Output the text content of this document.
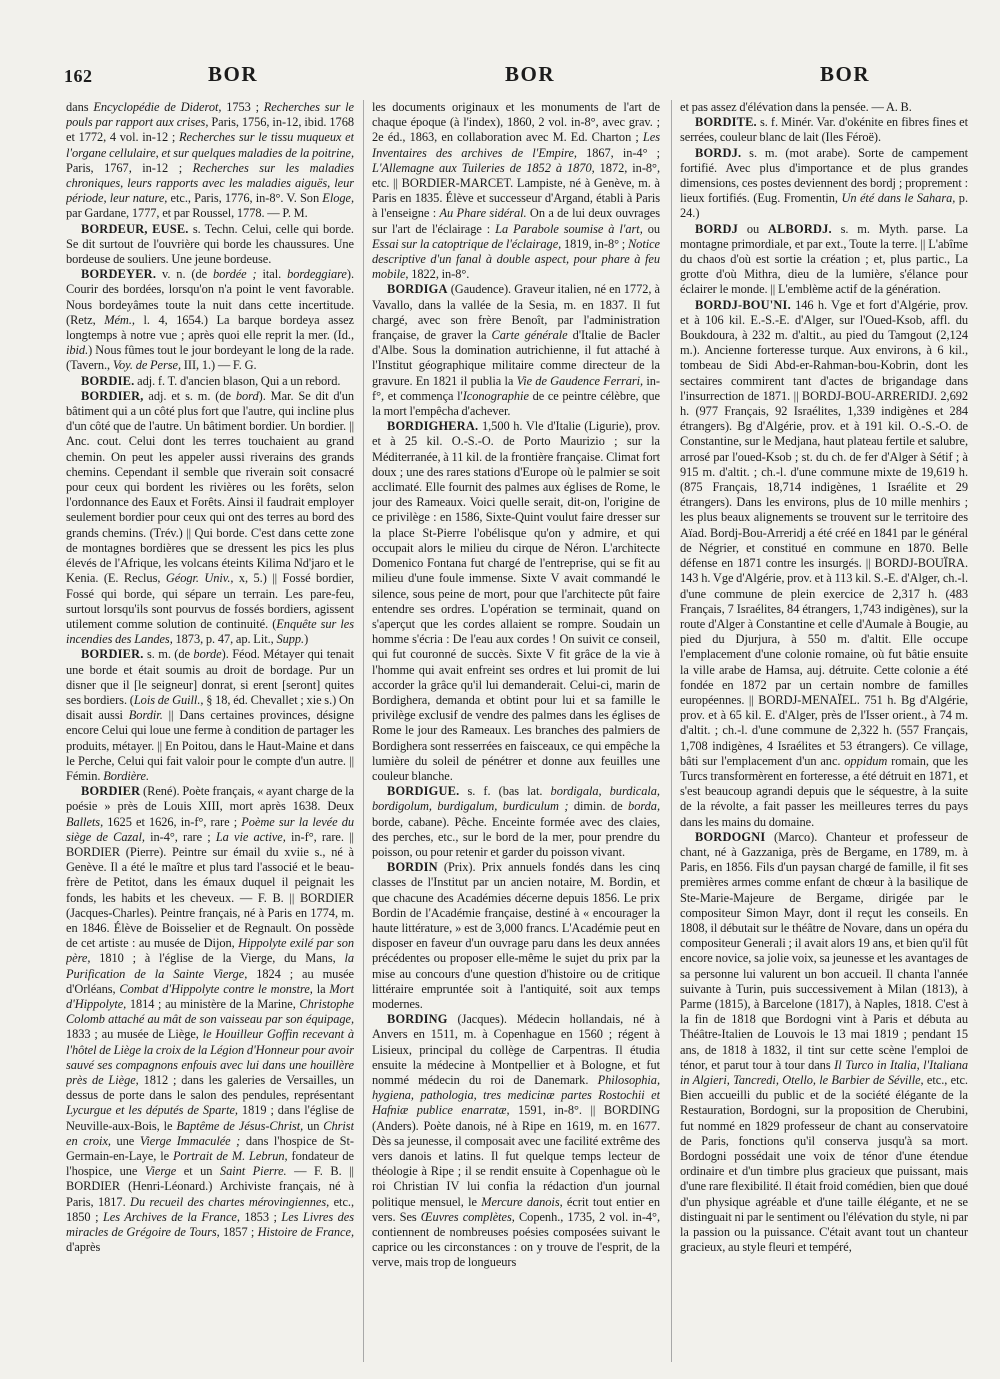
162	BOR	BOR	BOR

dans Encyclopédie de Diderot, 1753 ; Recherches sur le pouls par rapport aux crises, Paris, 1756, in-12, ibid. 1768 et 1772, 4 vol. in-12 ; Recherches sur le tissu muqueux et l'organe cellulaire, et sur quelques maladies de la poitrine, Paris, 1767, in-12 ; Recherches sur les maladies chroniques, leurs rapports avec les maladies aiguës, leur période, leur nature, etc., Paris, 1776, in-8°. V. Son Eloge, par Gardane, 1777, et par Roussel, 1778. — P. M.

BORDEUR, EUSE. s. Techn. Celui, celle qui borde. Se dit surtout de l'ouvrière qui borde les chaussures. Une bordeuse de souliers. Une jeune bordeuse.

BORDEYER. v. n. (de bordée ; ital. bordeggiare). Courir des bordées, lorsqu'on n'a point le vent favorable. Nous bordeyâmes toute la nuit dans cette incertitude. (Retz, Mém., l. 4, 1654.) La barque bordeya assez longtemps à notre vue ; après quoi elle reprit la mer. (Id., ibid.) Nous fûmes tout le jour bordeyant le long de la rade. (Tavern., Voy. de Perse, III, 1.) — F. G.

BORDIE. adj. f. T. d'ancien blason, Qui a un rebord.

BORDIER, adj. et s. m. (de bord). Mar. Se dit d'un bâtiment qui a un côté plus fort que l'autre, qui incline plus d'un côté que de l'autre. Un bâtiment bordier. Un bordier. || Anc. cout. Celui dont les terres touchaient au grand chemin. On peut les appeler aussi riverains des grands chemins. Cependant il semble que riverain soit consacré pour ceux qui bordent les rivières ou les forêts, selon l'ordonnance des Eaux et Forêts. Ainsi il faudrait employer seulement bordier pour ceux qui ont des terres au bord des grands chemins. (Trév.) || Qui borde. C'est dans cette zone de montagnes bordières que se dressent les pics les plus élevés de l'Afrique, les volcans éteints Kilima Nd'jaro et le Kenia. (E. Reclus, Géogr. Univ., x, 5.) || Fossé bordier, Fossé qui borde, qui sépare un terrain. Les pare-feu, surtout lorsqu'ils sont pourvus de fossés bordiers, agissent utilement comme solution de continuité. (Enquête sur les incendies des Landes, 1873, p. 47, ap. Lit., Supp.)

BORDIER. s. m. (de borde). Féod. Métayer qui tenait une borde et était soumis au droit de bordage. Pur un disner que il [le seigneur] donrat, si erent [seront] quites ses bordiers. (Lois de Guill., § 18, éd. Chevallet ; xie s.) On disait aussi Bordir. || Dans certaines provinces, désigne encore Celui qui loue une ferme à condition de partager les produits, métayer. || En Poitou, dans le Haut-Maine et dans le Perche, Celui qui fait valoir pour le compte d'un autre. || Fémin. Bordière.

BORDIER (René). Poète français, « ayant charge de la poésie » près de Louis XIII, mort après 1638. Deux Ballets, 1625 et 1626, in-f°, rare ; Poème sur la levée du siège de Cazal, in-4°, rare ; La vie active, in-f°, rare. || BORDIER (Pierre). Peintre sur émail du xviie s., né à Genève. Il a été le maître et plus tard l'associé et le beau-frère de Petitot, dans les émaux duquel il peignait les fonds, les habits et les cheveux. — F. B. || BORDIER (Jacques-Charles). Peintre français, né à Paris en 1774, m. en 1846. Élève de Boisselier et de Regnault. On possède de cet artiste : au musée de Dijon, Hippolyte exilé par son père, 1810 ; à l'église de la Vierge, du Mans, la Purification de la Sainte Vierge, 1824 ; au musée d'Orléans, Combat d'Hippolyte contre le monstre, la Mort d'Hippolyte, 1814 ; au ministère de la Marine, Christophe Colomb attaché au mât de son vaisseau par son équipage, 1833 ; au musée de Liège, le Houilleur Goffin recevant à l'hôtel de Liège la croix de la Légion d'Honneur pour avoir sauvé ses compagnons enfouis avec lui dans une houillère près de Liège, 1812 ; dans les galeries de Versailles, un dessus de porte dans le salon des pendules, représentant Lycurgue et les députés de Sparte, 1819 ; dans l'église de Neuville-aux-Bois, le Baptême de Jésus-Christ, un Christ en croix, une Vierge Immaculée ; dans l'hospice de St-Germain-en-Laye, le Portrait de M. Lebrun, fondateur de l'hospice, une Vierge et un Saint Pierre. — F. B. || BORDIER (Henri-Léonard.) Archiviste français, né à Paris, 1817. Du recueil des chartes mérovingiennes, etc., 1850 ; Les Archives de la France, 1853 ; Les Livres des miracles de Grégoire de Tours, 1857 ; Histoire de France, d'après

les documents originaux et les monuments de l'art de chaque époque (à l'index), 1860, 2 vol. in-8°, avec grav. ; 2e éd., 1863, en collaboration avec M. Ed. Charton ; Les Inventaires des archives de l'Empire, 1867, in-4° ; L'Allemagne aux Tuileries de 1852 à 1870, 1872, in-8°, etc. || BORDIER-MARCET. Lampiste, né à Genève, m. à Paris en 1835. Élève et successeur d'Argand, établi à Paris à l'enseigne : Au Phare sidéral. On a de lui deux ouvrages sur l'art de l'éclairage : La Parabole soumise à l'art, ou Essai sur la catoptrique de l'éclairage, 1819, in-8° ; Notice descriptive d'un fanal à double aspect, pour phare à feu mobile, 1822, in-8°.

BORDIGA (Gaudence). Graveur italien, né en 1772, à Vavallo, dans la vallée de la Sesia, m. en 1837. Il fut chargé, avec son frère Benoît, par l'administration française, de graver la Carte générale d'Italie de Bacler d'Albe. Sous la domination autrichienne, il fut attaché à l'Institut géographique militaire comme directeur de la gravure. En 1821 il publia la Vie de Gaudence Ferrari, in-f°, et commença l'Iconographie de ce peintre célèbre, que la mort l'empêcha d'achever.

BORDIGHERA. 1,500 h. Vle d'Italie (Ligurie), prov. et à 25 kil. O.-S.-O. de Porto Maurizio ; sur la Méditerranée, à 11 kil. de la frontière française. Climat fort doux ; une des rares stations d'Europe où le palmier se soit acclimaté. Elle fournit des palmes aux églises de Rome, le jour des Rameaux. Voici quelle serait, dit-on, l'origine de ce privilège : en 1586, Sixte-Quint voulut faire dresser sur la place St-Pierre l'obélisque qu'on y admire, et qui occupait alors le milieu du cirque de Néron. L'architecte Domenico Fontana fut chargé de l'entreprise, qui se fit au milieu d'une foule immense. Sixte V avait commandé le silence, sous peine de mort, pour que l'architecte pût faire entendre ses ordres. L'opération se terminait, quand on s'aperçut que les cordes allaient se rompre. Soudain un homme s'écria : De l'eau aux cordes ! On suivit ce conseil, qui fut couronné de succès. Sixte V fit grâce de la vie à l'homme qui avait enfreint ses ordres et lui promit de lui accorder la grâce qu'il lui demanderait. Celui-ci, marin de Bordighera, demanda et obtint pour lui et sa famille le privilège exclusif de vendre des palmes dans les églises de Rome le jour des Rameaux. Les branches des palmiers de Bordighera sont resserrées en faisceaux, ce qui empêche la lumière du soleil de pénétrer et donne aux feuilles une couleur blanche.

BORDIGUE. s. f. (bas lat. bordigala, burdicala, bordigolum, burdigalum, burdiculum ; dimin. de borda, borde, cabane). Pêche. Enceinte formée avec des claies, des perches, etc., sur le bord de la mer, pour prendre du poisson, ou pour retenir et garder du poisson vivant.

BORDIN (Prix). Prix annuels fondés dans les cinq classes de l'Institut par un ancien notaire, M. Bordin, et que chacune des Académies décerne depuis 1856. Le prix Bordin de l'Académie française, destiné à « encourager la haute littérature, » est de 3,000 francs. L'Académie peut en disposer en faveur d'un ouvrage paru dans les deux années précédentes ou proposer elle-même le sujet du prix par la mise au concours d'une question d'histoire ou de critique littéraire empruntée soit à l'antiquité, soit aux temps modernes.

BORDING (Jacques). Médecin hollandais, né à Anvers en 1511, m. à Copenhague en 1560 ; régent à Lisieux, principal du collège de Carpentras. Il étudia ensuite la médecine à Montpellier et à Bologne, et fut nommé médecin du roi de Danemark. Philosophia, hygiena, pathologia, tres medicinæ partes Rostochii et Hafniæ publice enarratæ, 1591, in-8°. || BORDING (Anders). Poète danois, né à Ripe en 1619, m. en 1677. Dès sa jeunesse, il composait avec une facilité extrême des vers danois et latins. Il fut quelque temps lecteur de théologie à Ripe ; il se rendit ensuite à Copenhague où le roi Christian IV lui confia la rédaction d'un journal politique mensuel, le Mercure danois, écrit tout entier en vers. Ses Œuvres complètes, Copenh., 1735, 2 vol. in-4°, contiennent de nombreuses poésies composées suivant le caprice ou les circonstances : on y trouve de l'esprit, de la verve, mais trop de longueurs

et pas assez d'élévation dans la pensée. — A. B.

BORDITE. s. f. Minér. Var. d'okénite en fibres fines et serrées, couleur blanc de lait (Iles Féroë).

BORDJ. s. m. (mot arabe). Sorte de campement fortifié. Avec plus d'importance et de plus grandes dimensions, ces postes deviennent des bordj ; proprement : lieux fortifiés. (Eug. Fromentin, Un été dans le Sahara, p. 24.)

BORDJ ou ALBORDJ. s. m. Myth. parse. La montagne primordiale, et par ext., Toute la terre. || L'abîme du chaos d'où est sortie la création ; et, plus partic., La grotte d'où Mithra, dieu de la lumière, s'élance pour éclairer le monde. || L'emblème actif de la génération.

BORDJ-BOU'NI. 146 h. Vge et fort d'Algérie, prov. et à 106 kil. E.-S.-E. d'Alger, sur l'Oued-Ksob, affl. du Boukdoura, à 232 m. d'altit., au pied du Tamgout (2,124 m.). Ancienne forteresse turque. Aux environs, à 6 kil., tombeau de Sidi Abd-er-Rahman-bou-Kobrin, dont les sectaires commirent tant d'actes de brigandage dans l'insurrection de 1871. || BORDJ-BOU-ARRERIDJ. 2,692 h. (977 Français, 92 Israélites, 1,339 indigènes et 284 étrangers). Bg d'Algérie, prov. et à 191 kil. O.-S.-O. de Constantine, sur le Medjana, haut plateau fertile et salubre, arrosé par l'oued-Ksob ; st. du ch. de fer d'Alger à Sétif ; à 915 m. d'altit. ; ch.-l. d'une commune mixte de 19,619 h. (875 Français, 18,714 indigènes, 1 Israélite et 29 étrangers). Dans les environs, plus de 10 mille menhirs ; les plus beaux alignements se trouvent sur le territoire des Aïad. Bordj-Bou-Arreridj a été créé en 1841 par le général de Négrier, et constitué en commune en 1870. Belle défense en 1871 contre les insurgés. || BORDJ-BOUÏRA. 143 h. Vge d'Algérie, prov. et à 113 kil. S.-E. d'Alger, ch.-l. d'une commune de plein exercice de 2,317 h. (483 Français, 7 Israélites, 84 étrangers, 1,743 indigènes), sur la route d'Alger à Constantine et celle d'Aumale à Bougie, au pied du Djurjura, à 550 m. d'altit. Elle occupe l'emplacement d'une colonie romaine, où fut bâtie ensuite la ville arabe de Hamsa, auj. détruite. Cette colonie a été fondée en 1872 par un certain nombre de familles européennes. || BORDJ-MENAÏEL. 751 h. Bg d'Algérie, prov. et à 65 kil. E. d'Alger, près de l'Isser orient., à 74 m. d'altit. ; ch.-l. d'une commune de 2,322 h. (557 Français, 1,708 indigènes, 4 Israélites et 53 étrangers). Ce village, bâti sur l'emplacement d'un anc. oppidum romain, que les Turcs transformèrent en forteresse, a été détruit en 1871, et s'est beaucoup agrandi depuis que le séquestre, à la suite de la révolte, a fait passer les meilleures terres du pays dans les mains du domaine.

BORDOGNI (Marco). Chanteur et professeur de chant, né à Gazzaniga, près de Bergame, en 1789, m. à Paris, en 1856. Fils d'un paysan chargé de famille, il fit ses premières armes comme enfant de chœur à la basilique de Ste-Marie-Majeure de Bergame, dirigée par le compositeur Simon Mayr, dont il reçut les conseils. En 1808, il débutait sur le théâtre de Novare, dans un opéra du compositeur Generali ; il avait alors 19 ans, et bien qu'il fût encore novice, sa jolie voix, sa jeunesse et les avantages de sa personne lui valurent un bon accueil. Il chanta l'année suivante à Turin, puis successivement à Milan (1813), à Parme (1815), à Barcelone (1817), à Naples, 1818. C'est à la fin de 1818 que Bordogni vint à Paris et débuta au Théâtre-Italien de Louvois le 13 mai 1819 ; pendant 15 ans, de 1818 à 1832, il tint sur cette scène l'emploi de ténor, et parut tour à tour dans Il Turco in Italia, l'Italiana in Algieri, Tancredi, Otello, le Barbier de Séville, etc., etc. Bien accueilli du public et de la société élégante de la Restauration, Bordogni, sur la proposition de Cherubini, fut nommé en 1829 professeur de chant au conservatoire de Paris, fonctions qu'il conserva jusqu'à sa mort. Bordogni possédait une voix de ténor d'une étendue ordinaire et d'un timbre plus gracieux que puissant, mais d'une rare flexibilité. Il était froid comédien, bien que doué d'un physique agréable et d'une taille élégante, et ne se distinguait ni par le sentiment ou l'élévation du style, ni par la passion ou la puissance. C'était avant tout un chanteur gracieux, au style fleuri et tempéré,
